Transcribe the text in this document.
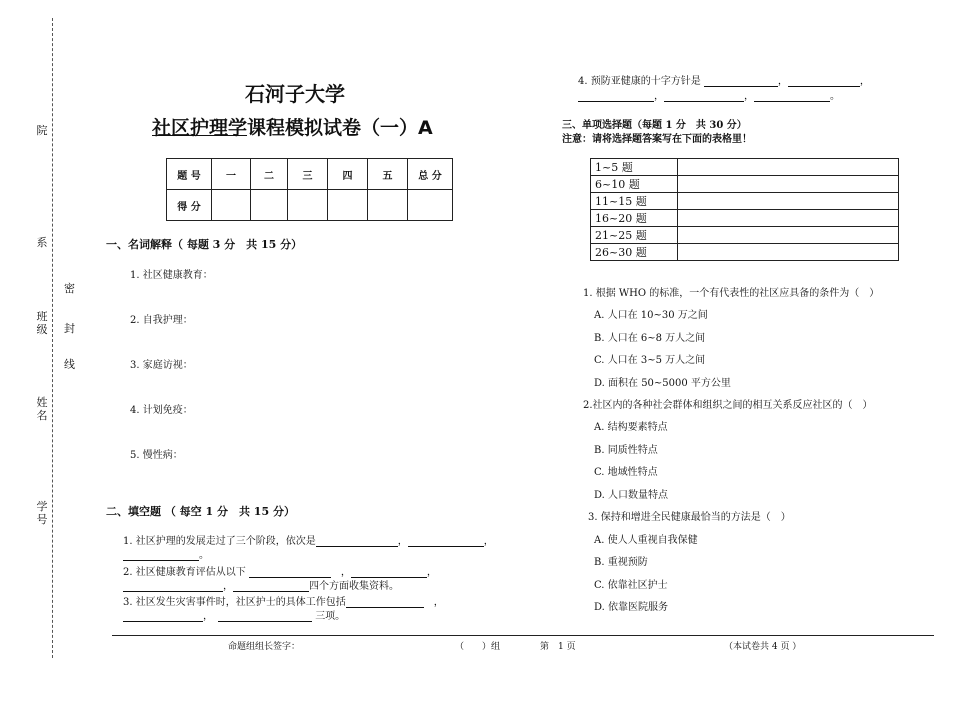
院
系
班级
姓名
学号
密
封
线
石河子大学
社区护理学课程模拟试卷（一）A
题 号	一	二	三	四	五	总 分
得 分						
一、名词解释（ 每题 3 分　共 15 分）
1. 社区健康教育：
2. 自我护理：
3. 家庭访视：
4. 计划免疫：
5. 慢性病：
二、填空题 （ 每空 1 分　共 15 分）
1. 社区护理的发展走过了三个阶段，依次是	，	，
。
2. 社区健康教育评估从以下	　，	，
，	四个方面收集资料。
3. 社区发生灾害事件时，社区护士的具体工作包括	　，
，　	三项。
4. 预防亚健康的十字方针是	，	，
，	，	。
三、单项选择题（每题 1 分　共 30 分）
注意：请将选择题答案写在下面的表格里！
1~5 题	
6~10 题	
11~15 题	
16~20 题	
21~25 题	
26~30 题	
1. 根据 WHO 的标准，一个有代表性的社区应具备的条件为（　）
A. 人口在 10~30 万之间
B. 人口在 6~8 万人之间
C. 人口在 3~5 万人之间
D. 面积在 50~5000 平方公里
2.社区内的各种社会群体和组织之间的相互关系反应社区的（　）
A. 结构要素特点
B. 同质性特点
C. 地域性特点
D. 人口数量特点
3. 保持和增进全民健康最恰当的方法是（　）
A. 使人人重视自我保健
B. 重视预防
C. 依靠社区护士
D. 依靠医院服务
命题组组长签字：	（　　）组	第　1 页	（本试卷共 4 页 ）
